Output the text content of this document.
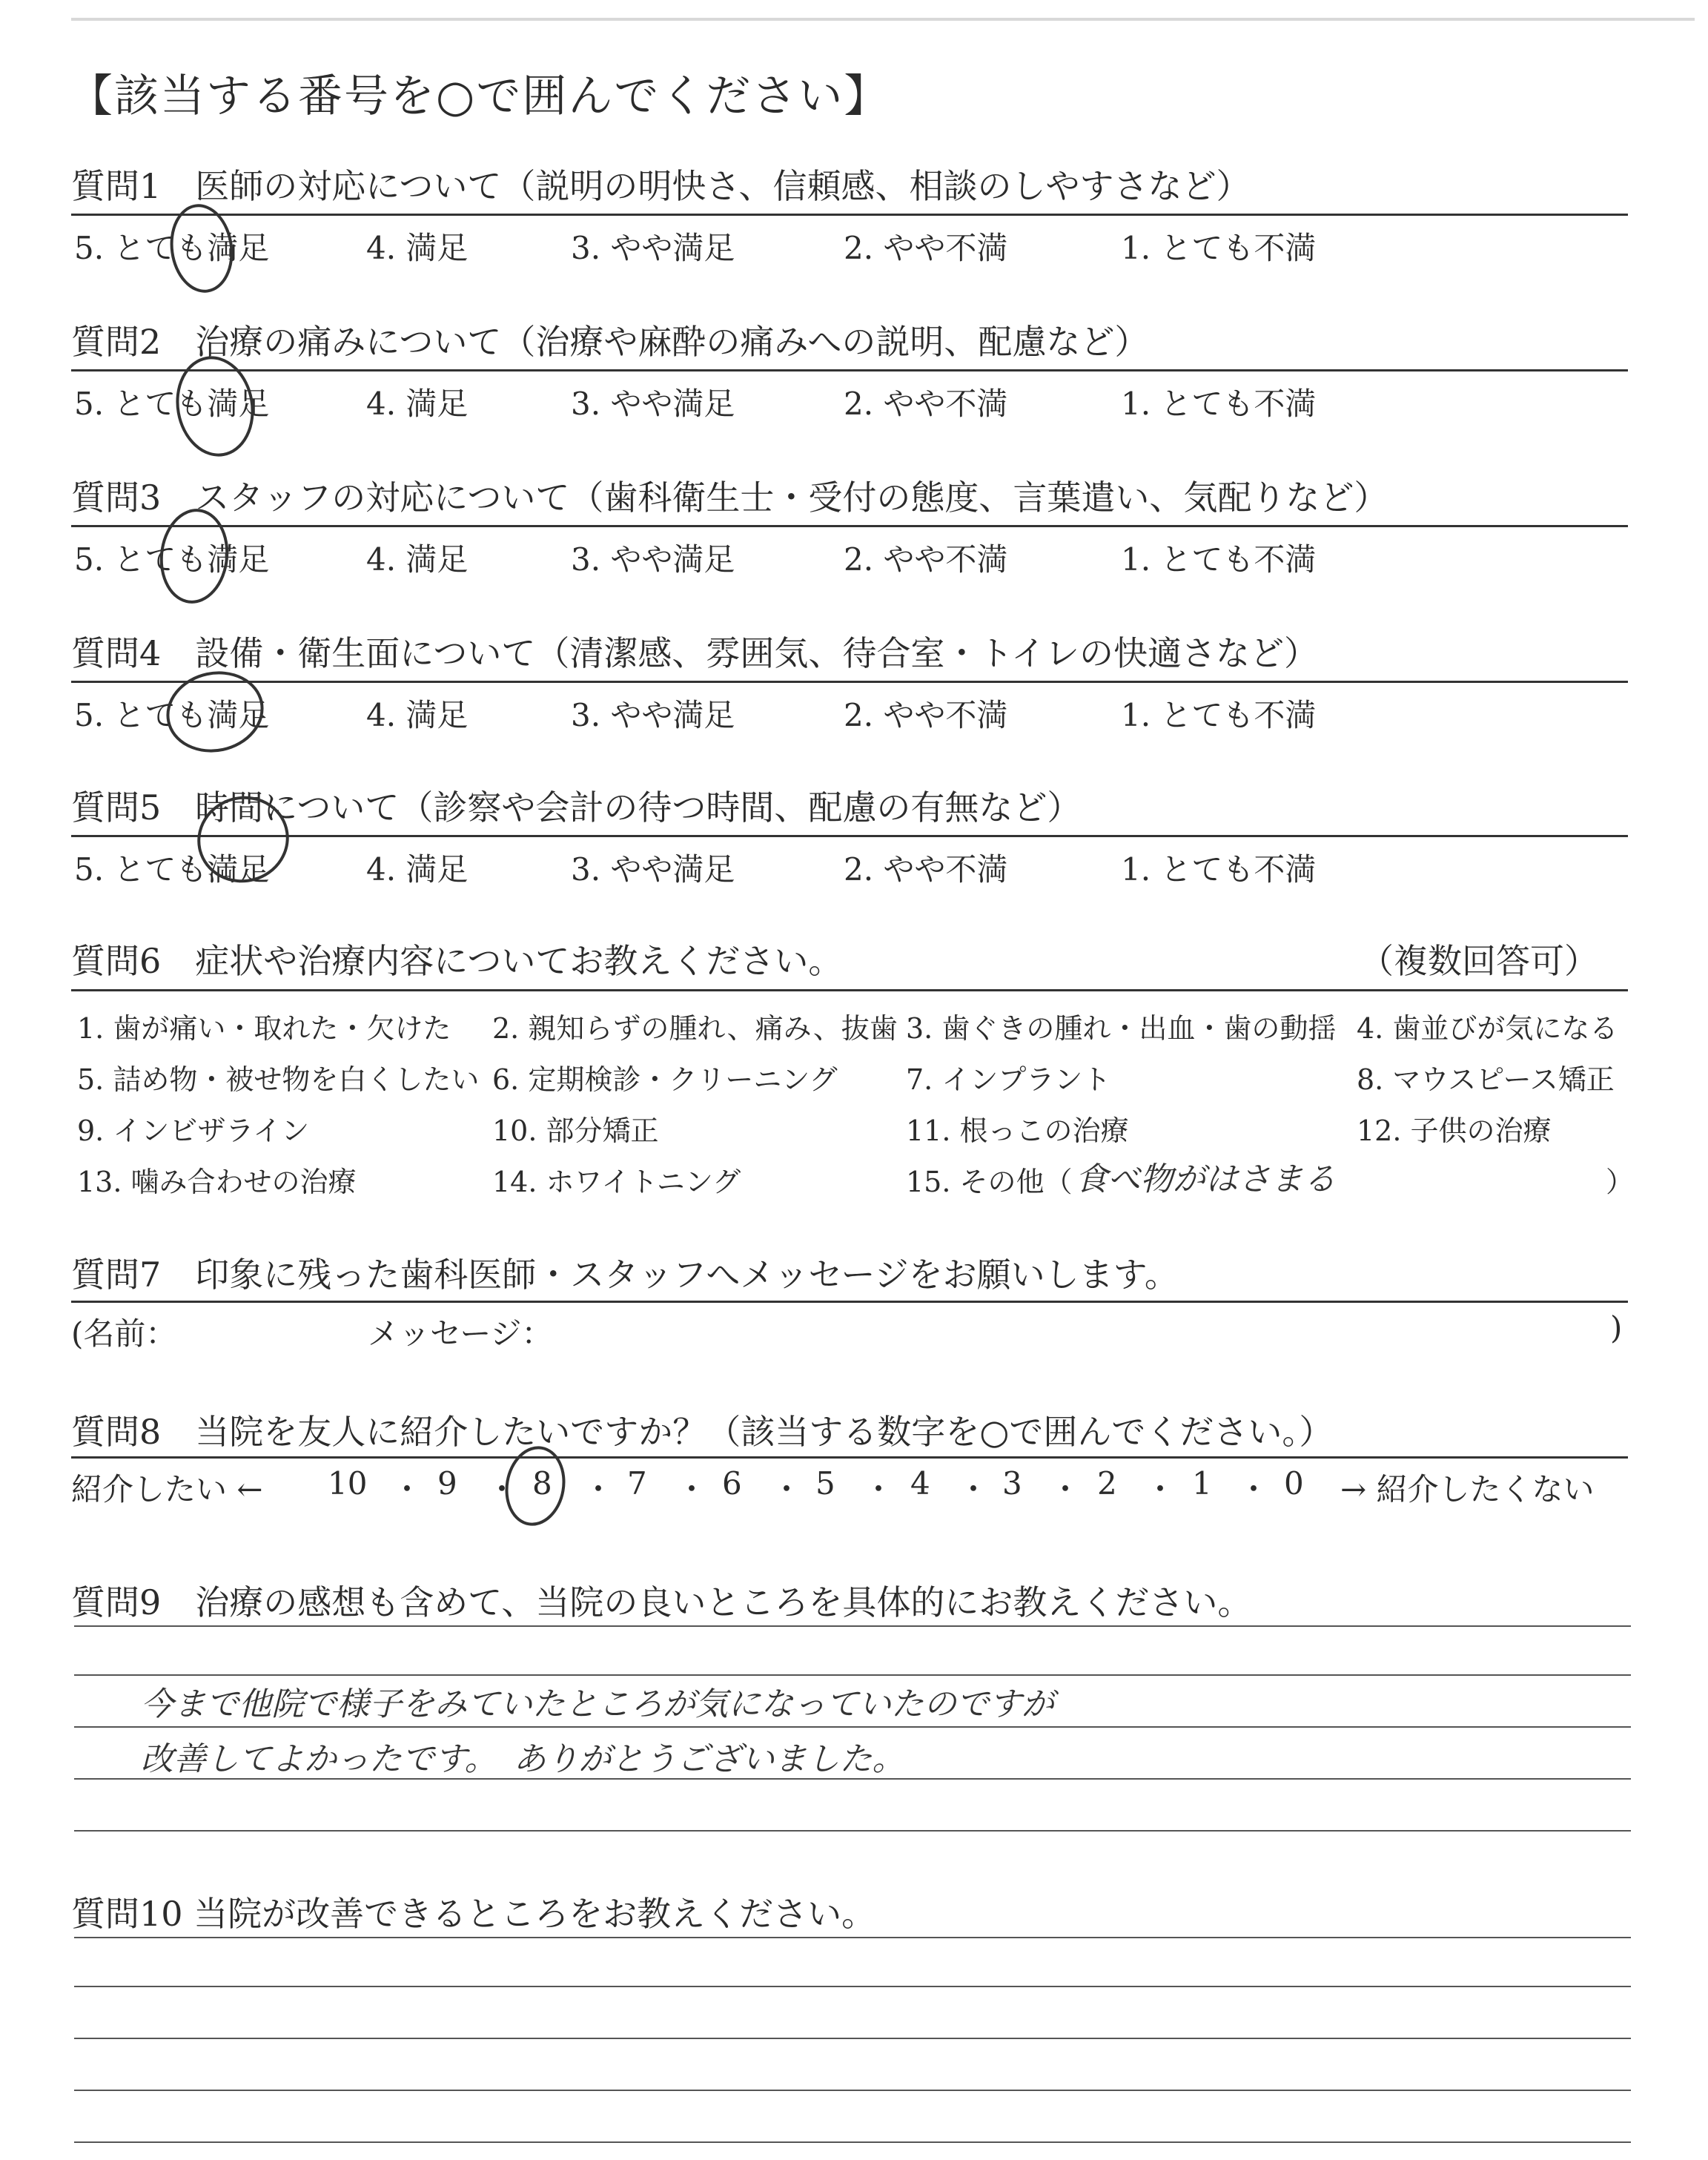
【該当する番号を○で囲んでください】
質問1　医師の対応について（説明の明快さ、信頼感、相談のしやすさなど）
5. とても満足	4. 満足	3. やや満足	2. やや不満	1. とても不満
質問2　治療の痛みについて（治療や麻酔の痛みへの説明、配慮など）
5. とても満足	4. 満足	3. やや満足	2. やや不満	1. とても不満
質問3　スタッフの対応について（歯科衛生士・受付の態度、言葉遣い、気配りなど）
5. とても満足	4. 満足	3. やや満足	2. やや不満	1. とても不満
質問4　設備・衛生面について（清潔感、雰囲気、待合室・トイレの快適さなど）
5. とても満足	4. 満足	3. やや満足	2. やや不満	1. とても不満
質問5　時間について（診察や会計の待つ時間、配慮の有無など）
5. とても満足	4. 満足	3. やや満足	2. やや不満	1. とても不満
質問6　症状や治療内容についてお教えください。	（複数回答可）
1. 歯が痛い・取れた・欠けた 2. 親知らずの腫れ、痛み、抜歯 3. 歯ぐきの腫れ・出血・歯の動揺 4. 歯並びが気になる
5. 詰め物・被せ物を白くしたい 6. 定期検診・クリーニング 7. インプラント	8. マウスピース矯正
9. インビザライン	10. 部分矯正	11. 根っこの治療	12. 子供の治療
13. 噛み合わせの治療	14. ホワイトニング	15. その他（ 食べ物がはさまる	）
質問7　印象に残った歯科医師・スタッフへメッセージをお願いします。
(名前：	メッセージ：	)
質問8　当院を友人に紹介したいですか？（該当する数字を○で囲んでください。）
紹介したい ← 10 9 8 7 6 5 4 3 2 1 0
・ ・ ・ ・ ・ ・ ・ ・ ・ ・ → 紹介したくない
質問9　治療の感想も含めて、当院の良いところを具体的にお教えください。
今まで他院で様子をみていたところが気になっていたのですが
改善してよかったです。　ありがとうございました。
質問10 当院が改善できるところをお教えください。
